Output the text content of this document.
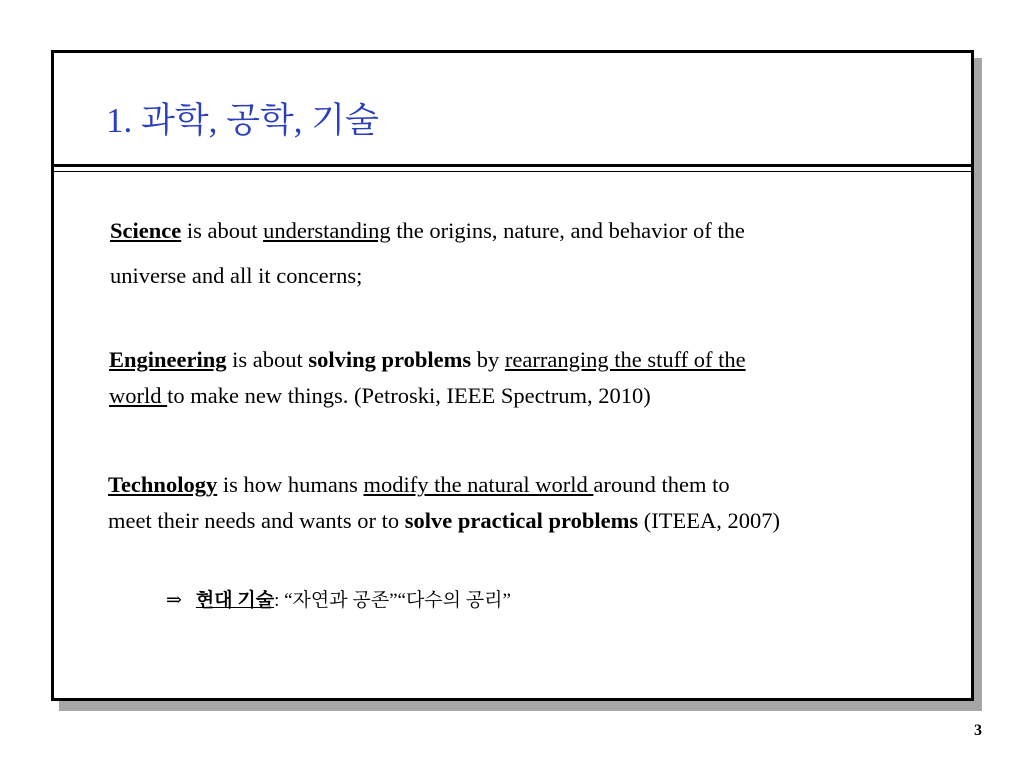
1. 과학, 공학, 기술
Science is about understanding the origins, nature, and behavior of the
universe and all it concerns;
Engineering is about solving problems by rearranging the stuff of the
world to make new things. (Petroski, IEEE Spectrum, 2010)
Technology is how humans modify the natural world around them to
meet their needs and wants or to solve practical problems (ITEEA, 2007)
⇒ 현대 기술: “자연과 공존”“다수의 공리”
3
